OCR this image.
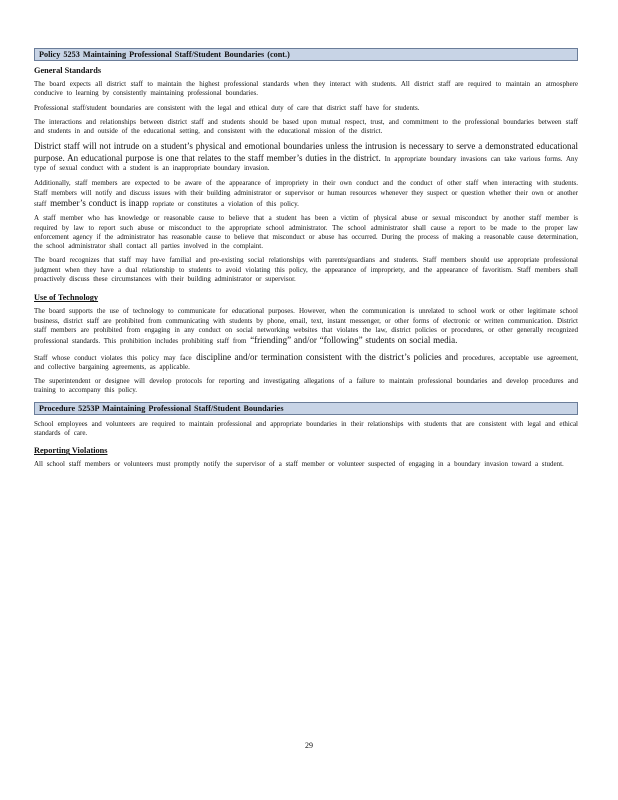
Policy 5253 Maintaining Professional Staff/Student Boundaries (cont.)
General Standards

The board expects all district staff to maintain the highest professional standards when they interact with students. All district staff are required to maintain an atmosphere conducive to learning by consistently maintaining professional boundaries.

Professional staff/student boundaries are consistent with the legal and ethical duty of care that district staff have for students.

The interactions and relationships between district staff and students should be based upon mutual respect, trust, and commitment to the professional boundaries between staff and students in and outside of the educational setting, and consistent with the educational mission of the district.

District staff will not intrude on a student’s physical and emotional boundaries unless the intrusion is necessary to serve a demonstrated educational purpose. An educational purpose is one that relates to the staff member’s duties in the district. In appropriate boundary invasions can take various forms. Any type of sexual conduct with a student is an inappropriate boundary invasion.

Additionally, staff members are expected to be aware of the appearance of impropriety in their own conduct and the conduct of other staff when interacting with students. Staff members will notify and discuss issues with their building administrator or supervisor or human resources whenever they suspect or question whether their own or another staff member’s conduct is inapp ropriate or constitutes a violation of this policy.

A staff member who has knowledge or reasonable cause to believe that a student has been a victim of physical abuse or sexual misconduct by another staff member is required by law to report such abuse or misconduct to the appropriate school administrator. The school administrator shall cause a report to be made to the proper law enforcement agency if the administrator has reasonable cause to believe that misconduct or abuse has occurred. During the process of making a reasonable cause determination, the school administrator shall contact all parties involved in the complaint.

The board recognizes that staff may have familial and pre-existing social relationships with parents/guardians and students. Staff members should use appropriate professional judgment when they have a dual relationship to students to avoid violating this policy, the appearance of impropriety, and the appearance of favoritism. Staff members shall proactively discuss these circumstances with their building administrator or supervisor.

Use of Technology

The board supports the use of technology to communicate for educational purposes. However, when the communication is unrelated to school work or other legitimate school business, district staff are prohibited from communicating with students by phone, email, text, instant messenger, or other forms of electronic or written communication. District staff members are prohibited from engaging in any conduct on social networking websites that violates the law, district policies or procedures, or other generally recognized professional standards. This prohibition includes prohibiting staff from “friending” and/or “following” students on social media.

Staff whose conduct violates this policy may face discipline and/or termination consistent with the district’s policies and procedures, acceptable use agreement, and collective bargaining agreements, as applicable.

The superintendent or designee will develop protocols for reporting and investigating allegations of a failure to maintain professional boundaries and develop procedures and training to accompany this policy.

Procedure 5253P Maintaining Professional Staff/Student Boundaries

School employees and volunteers are required to maintain professional and appropriate boundaries in their relationships with students that are consistent with legal and ethical standards of care.

Reporting Violations

All school staff members or volunteers must promptly notify the supervisor of a staff member or volunteer suspected of engaging in a boundary invasion toward a student.

29
